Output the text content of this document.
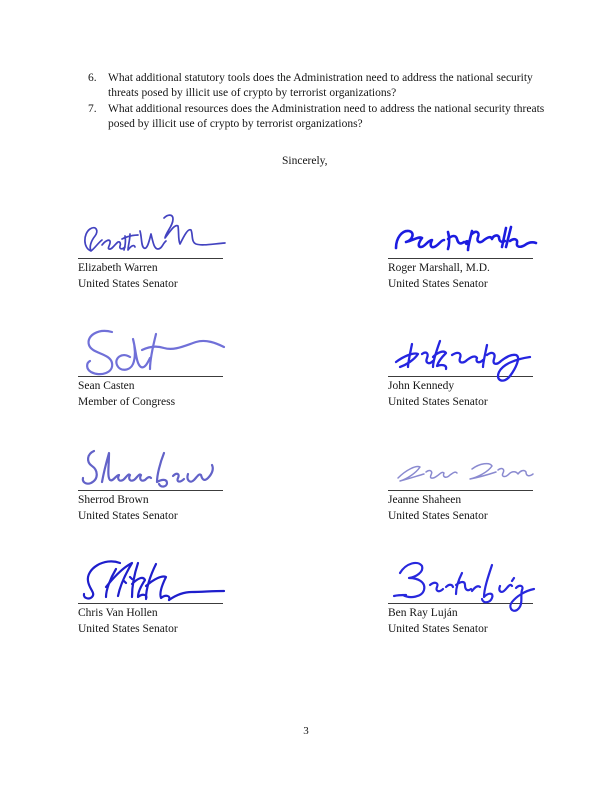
6. What additional statutory tools does the Administration need to address the national security threats posed by illicit use of crypto by terrorist organizations?
7. What additional resources does the Administration need to address the national security threats posed by illicit use of crypto by terrorist organizations?
Sincerely,
Elizabeth Warren
United States Senator
Roger Marshall, M.D.
United States Senator
Sean Casten
Member of Congress
John Kennedy
United States Senator
Sherrod Brown
United States Senator
Jeanne Shaheen
United States Senator
Chris Van Hollen
United States Senator
Ben Ray Luján
United States Senator
3
